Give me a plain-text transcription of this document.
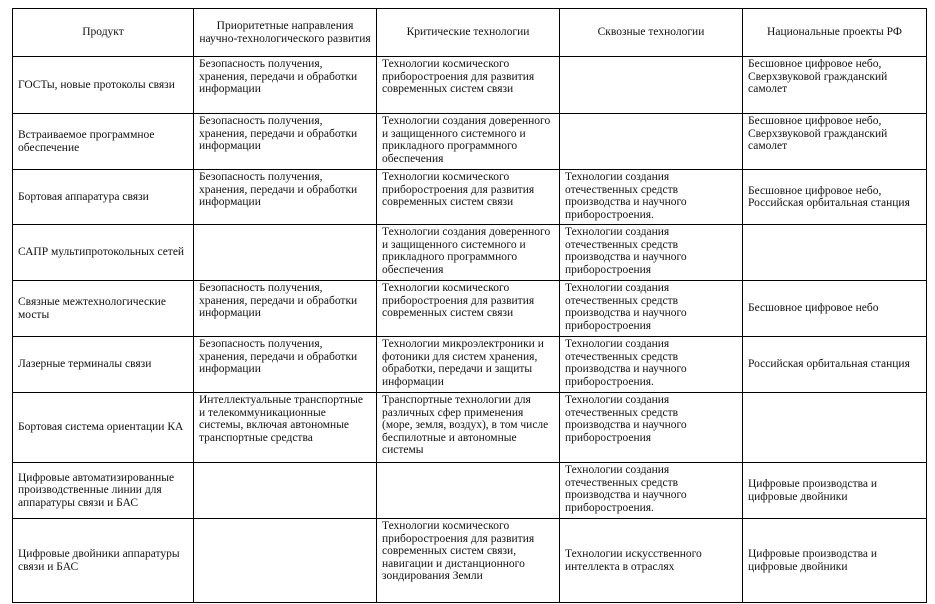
Продукт	Приоритетные направления научно-технологического развития	Критические технологии	Сквозные технологии	Национальные проекты РФ
ГОСТы, новые протоколы связи	Безопасность получения, хранения, передачи и обработки информации	Технологии космического приборостроения для развития современных систем связи		Бесшовное цифровое небо, Сверхзвуковой гражданский самолет
Встраиваемое программное обеспечение	Безопасность получения, хранения, передачи и обработки информации	Технологии создания доверенного и защищенного системного и прикладного программного обеспечения		Бесшовное цифровое небо, Сверхзвуковой гражданский самолет
Бортовая аппаратура связи	Безопасность получения, хранения, передачи и обработки информации	Технологии космического приборостроения для развития современных систем связи	Технологии создания отечественных средств производства и научного приборостроения.	Бесшовное цифровое небо, Российская орбитальная станция
САПР мультипротокольных сетей		Технологии создания доверенного и защищенного системного и прикладного программного обеспечения	Технологии создания отечественных средств производства и научного приборостроения	
Связные межтехнологические мосты	Безопасность получения, хранения, передачи и обработки информации	Технологии космического приборостроения для развития современных систем связи	Технологии создания отечественных средств производства и научного приборостроения	Бесшовное цифровое небо
Лазерные терминалы связи	Безопасность получения, хранения, передачи и обработки информации	Технологии микроэлектроники и фотоники для систем хранения, обработки, передачи и защиты информации	Технологии создания отечественных средств производства и научного приборостроения.	Российская орбитальная станция
Бортовая система ориентации КА	Интеллектуальные транспортные и телекоммуникационные системы, включая автономные транспортные средства	Транспортные технологии для различных сфер применения (море, земля, воздух), в том числе беспилотные и автономные системы	Технологии создания отечественных средств производства и научного приборостроения	
Цифровые автоматизированные производственные линии для аппаратуры связи и БАС			Технологии создания отечественных средств производства и научного приборостроения.	Цифровые производства и цифровые двойники
Цифровые двойники аппаратуры связи и БАС		Технологии космического приборостроения для развития современных систем связи, навигации и дистанционного зондирования Земли	Технологии искусственного интеллекта в отраслях	Цифровые производства и цифровые двойники
